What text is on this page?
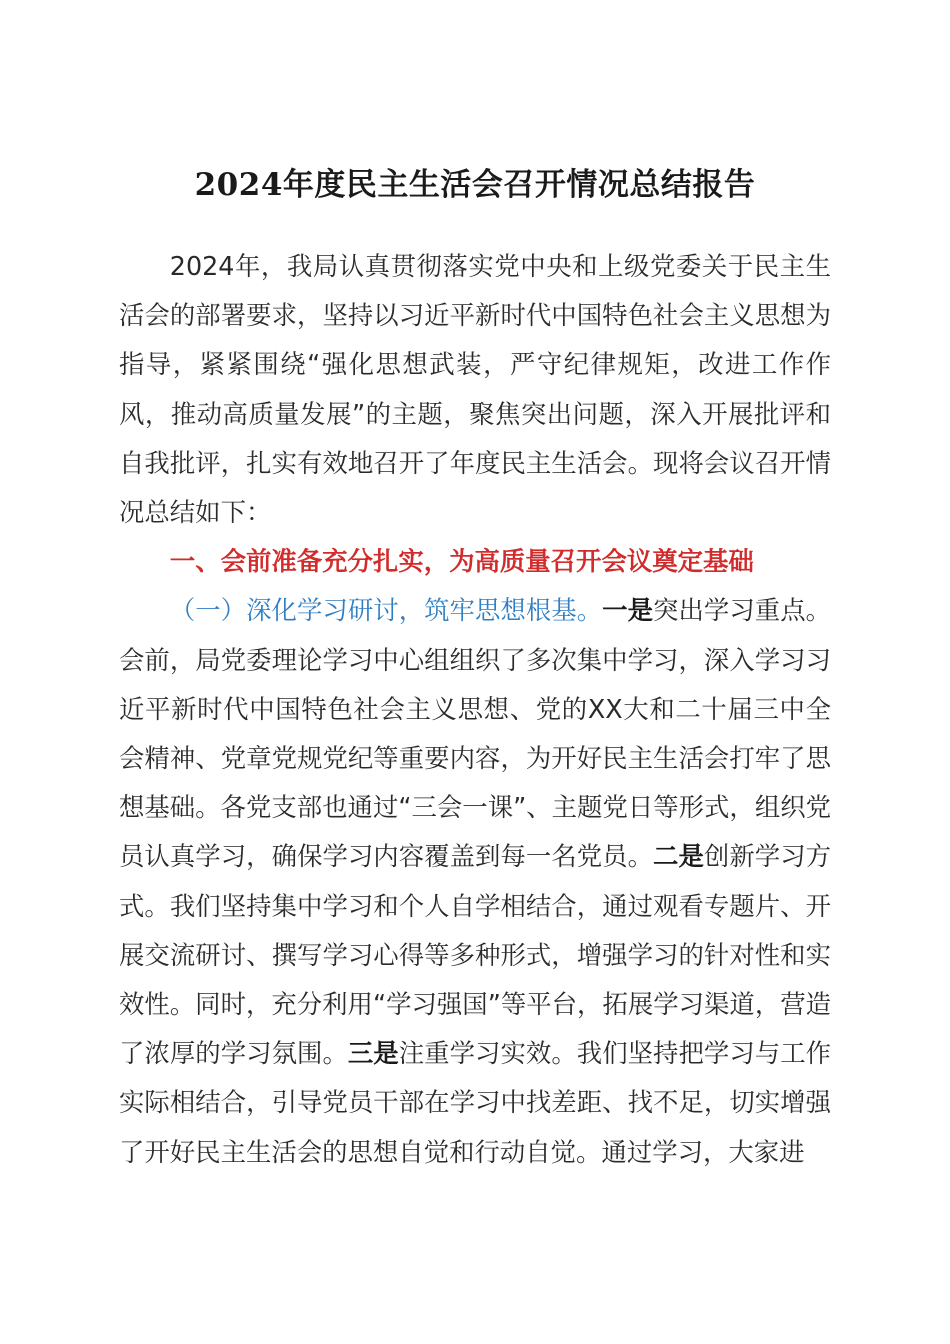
2024年度民主生活会召开情况总结报告

2024年，我局认真贯彻落实党中央和上级党委关于民主生活会的部署要求，坚持以习近平新时代中国特色社会主义思想为指导，紧紧围绕“强化思想武装，严守纪律规矩，改进工作作风，推动高质量发展”的主题，聚焦突出问题，深入开展批评和自我批评，扎实有效地召开了年度民主生活会。现将会议召开情况总结如下：

一、会前准备充分扎实，为高质量召开会议奠定基础

（一）深化学习研讨，筑牢思想根基。一是突出学习重点。会前，局党委理论学习中心组组织了多次集中学习，深入学习习近平新时代中国特色社会主义思想、党的XX大和二十届三中全会精神、党章党规党纪等重要内容，为开好民主生活会打牢了思想基础。各党支部也通过“三会一课”、主题党日等形式，组织党员认真学习，确保学习内容覆盖到每一名党员。二是创新学习方式。我们坚持集中学习和个人自学相结合，通过观看专题片、开展交流研讨、撰写学习心得等多种形式，增强学习的针对性和实效性。同时，充分利用“学习强国”等平台，拓展学习渠道，营造了浓厚的学习氛围。三是注重学习实效。我们坚持把学习与工作实际相结合，引导党员干部在学习中找差距、找不足，切实增强了开好民主生活会的思想自觉和行动自觉。通过学习，大家进
